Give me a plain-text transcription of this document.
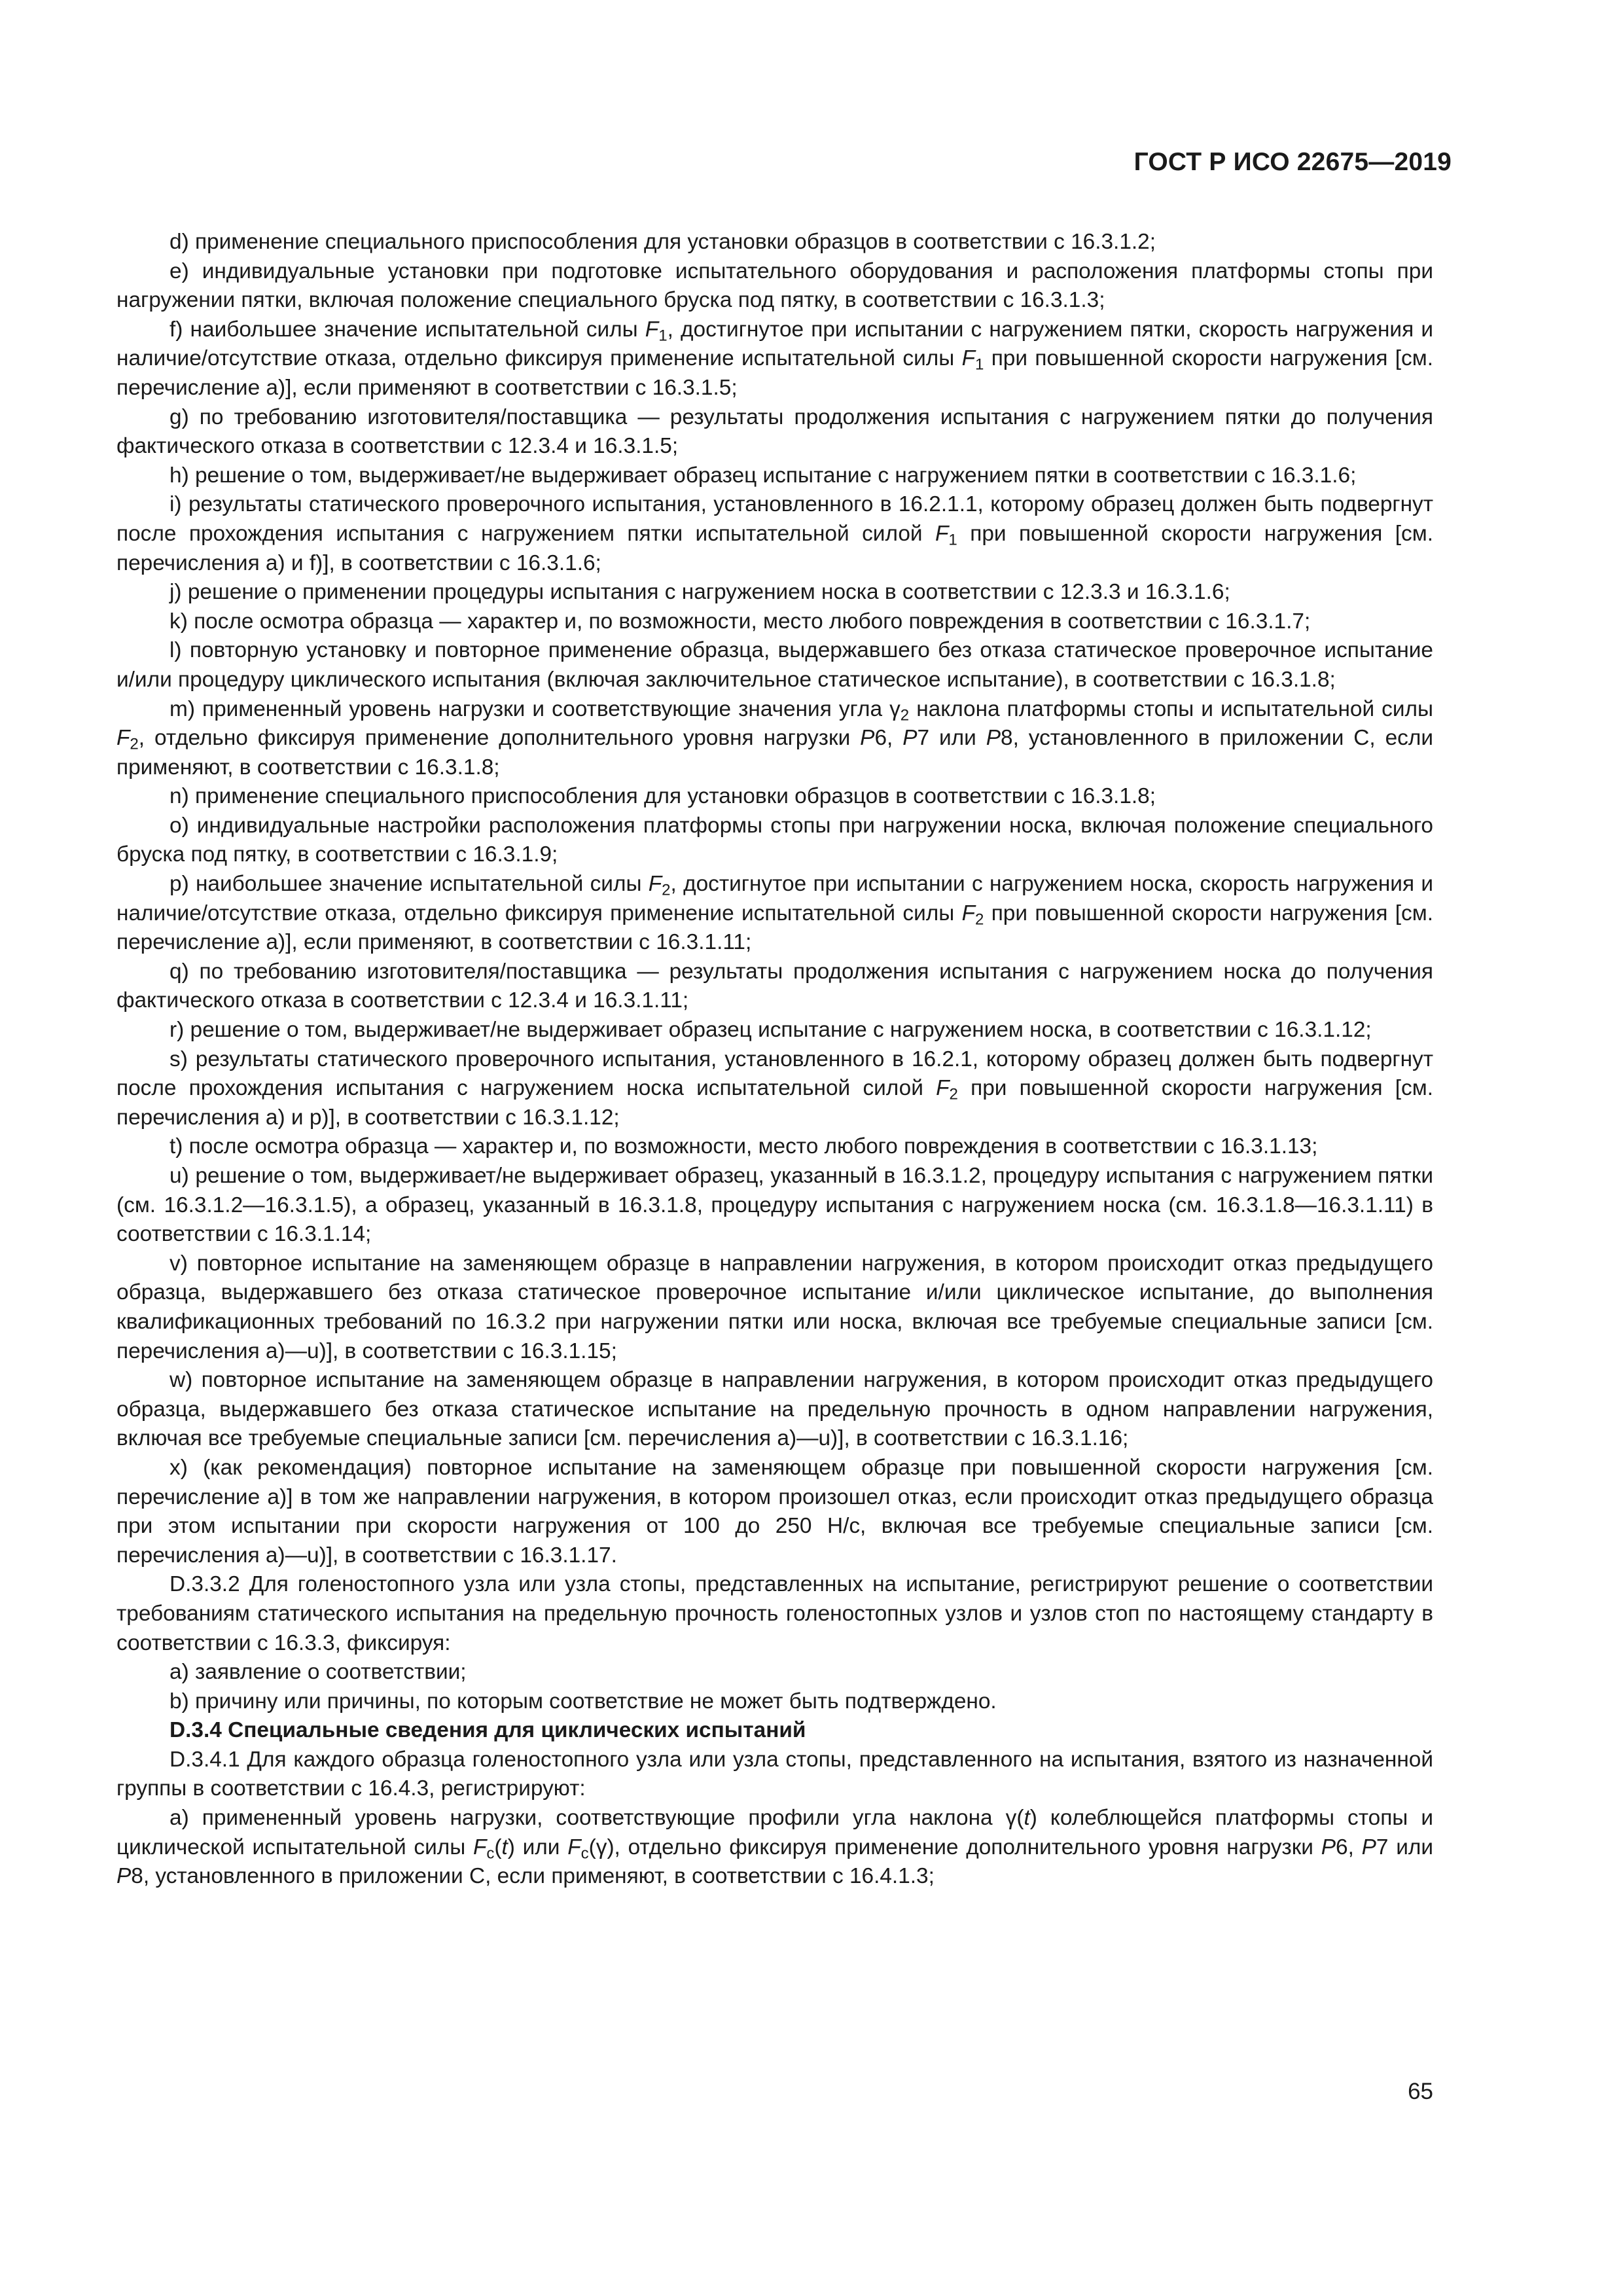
ГОСТ Р ИСО 22675—2019

d) применение специального приспособления для установки образцов в соответствии с 16.3.1.2;

e) индивидуальные установки при подготовке испытательного оборудования и расположения платформы стопы при нагружении пятки, включая положение специального бруска под пятку, в соответствии с 16.3.1.3;

f) наибольшее значение испытательной силы $F_1$, достигнутое при испытании с нагружением пятки, скорость нагружения и наличие/отсутствие отказа, отдельно фиксируя применение испытательной силы $F_1$ при повышенной скорости нагружения [см. перечисление a)], если применяют в соответствии с 16.3.1.5;

g) по требованию изготовителя/поставщика — результаты продолжения испытания с нагружением пятки до получения фактического отказа в соответствии с 12.3.4 и 16.3.1.5;

h) решение о том, выдерживает/не выдерживает образец испытание с нагружением пятки в соответствии с 16.3.1.6;

i) результаты статического проверочного испытания, установленного в 16.2.1.1, которому образец должен быть подвергнут после прохождения испытания с нагружением пятки испытательной силой $F_1$ при повышенной скорости нагружения [см. перечисления a) и f)], в соответствии с 16.3.1.6;

j) решение о применении процедуры испытания с нагружением носка в соответствии с 12.3.3 и 16.3.1.6;

k) после осмотра образца — характер и, по возможности, место любого повреждения в соответствии с 16.3.1.7;

l) повторную установку и повторное применение образца, выдержавшего без отказа статическое проверочное испытание и/или процедуру циклического испытания (включая заключительное статическое испытание), в соответствии с 16.3.1.8;

m) примененный уровень нагрузки и соответствующие значения угла $\gamma_2$ наклона платформы стопы и испытательной силы $F_2$, отдельно фиксируя применение дополнительного уровня нагрузки P6, P7 или P8, установленного в приложении С, если применяют, в соответствии с 16.3.1.8;

n) применение специального приспособления для установки образцов в соответствии с 16.3.1.8;

o) индивидуальные настройки расположения платформы стопы при нагружении носка, включая положение специального бруска под пятку, в соответствии с 16.3.1.9;

p) наибольшее значение испытательной силы $F_2$, достигнутое при испытании с нагружением носка, скорость нагружения и наличие/отсутствие отказа, отдельно фиксируя применение испытательной силы $F_2$ при повышенной скорости нагружения [см. перечисление a)], если применяют, в соответствии с 16.3.1.11;

q) по требованию изготовителя/поставщика — результаты продолжения испытания с нагружением носка до получения фактического отказа в соответствии с 12.3.4 и 16.3.1.11;

r) решение о том, выдерживает/не выдерживает образец испытание с нагружением носка, в соответствии с 16.3.1.12;

s) результаты статического проверочного испытания, установленного в 16.2.1, которому образец должен быть подвергнут после прохождения испытания с нагружением носка испытательной силой $F_2$ при повышенной скорости нагружения [см. перечисления a) и p)], в соответствии с 16.3.1.12;

t) после осмотра образца — характер и, по возможности, место любого повреждения в соответствии с 16.3.1.13;

u) решение о том, выдерживает/не выдерживает образец, указанный в 16.3.1.2, процедуру испытания с нагружением пятки (см. 16.3.1.2—16.3.1.5), а образец, указанный в 16.3.1.8, процедуру испытания с нагружением носка (см. 16.3.1.8—16.3.1.11) в соответствии с 16.3.1.14;

v) повторное испытание на заменяющем образце в направлении нагружения, в котором происходит отказ предыдущего образца, выдержавшего без отказа статическое проверочное испытание и/или циклическое испытание, до выполнения квалификационных требований по 16.3.2 при нагружении пятки или носка, включая все требуемые специальные записи [см. перечисления a)—u)], в соответствии с 16.3.1.15;

w) повторное испытание на заменяющем образце в направлении нагружения, в котором происходит отказ предыдущего образца, выдержавшего без отказа статическое испытание на предельную прочность в одном направлении нагружения, включая все требуемые специальные записи [см. перечисления a)—u)], в соответствии с 16.3.1.16;

x) (как рекомендация) повторное испытание на заменяющем образце при повышенной скорости нагружения [см. перечисление a)] в том же направлении нагружения, в котором произошел отказ, если происходит отказ предыдущего образца при этом испытании при скорости нагружения от 100 до 250 Н/с, включая все требуемые специальные записи [см. перечисления a)—u)], в соответствии с 16.3.1.17.

D.3.3.2 Для голеностопного узла или узла стопы, представленных на испытание, регистрируют решение о соответствии требованиям статического испытания на предельную прочность голеностопных узлов и узлов стоп по настоящему стандарту в соответствии с 16.3.3, фиксируя:

a) заявление о соответствии;

b) причину или причины, по которым соответствие не может быть подтверждено.

D.3.4 Специальные сведения для циклических испытаний

D.3.4.1 Для каждого образца голеностопного узла или узла стопы, представленного на испытания, взятого из назначенной группы в соответствии с 16.4.3, регистрируют:

a) примененный уровень нагрузки, соответствующие профили угла наклона γ(t) колеблющейся платформы стопы и циклической испытательной силы $F_c(t)$ или $F_c(\gamma)$, отдельно фиксируя применение дополнительного уровня нагрузки P6, P7 или P8, установленного в приложении С, если применяют, в соответствии с 16.4.1.3;

65
